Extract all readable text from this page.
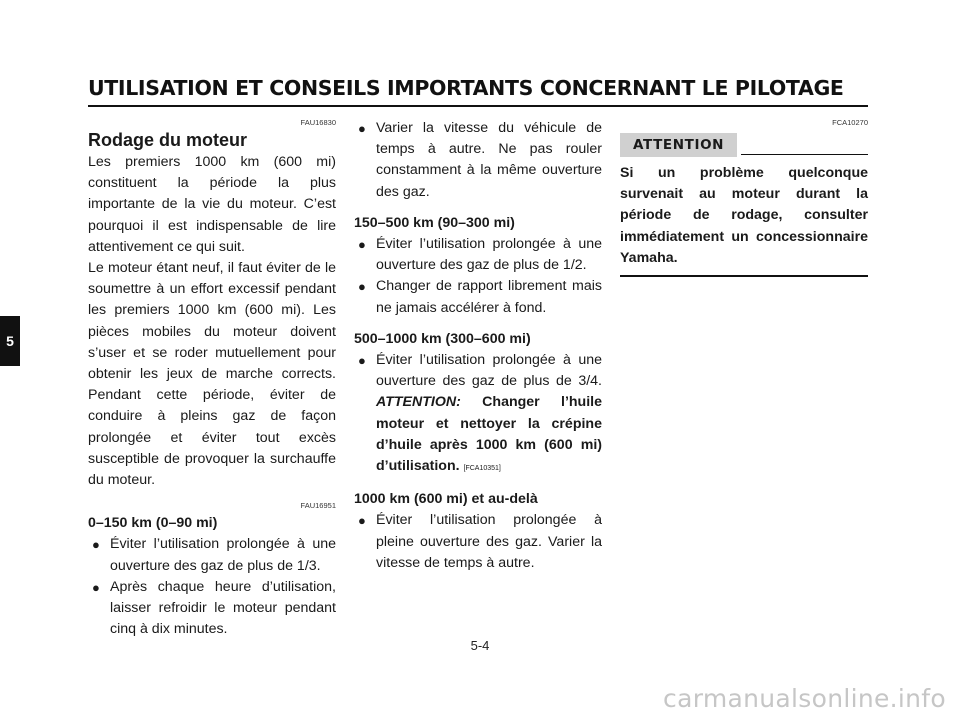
UTILISATION ET CONSEILS IMPORTANTS CONCERNANT LE PILOTAGE
5
FAU16830
Rodage du moteur

Les premiers 1000 km (600 mi) constituent la période la plus importante de la vie du moteur. C’est pourquoi il est indispensable de lire attentivement ce qui suit.

Le moteur étant neuf, il faut éviter de le soumettre à un effort excessif pendant les premiers 1000 km (600 mi). Les pièces mobiles du moteur doivent s’user et se roder mutuellement pour obtenir les jeux de marche corrects. Pendant cette période, éviter de conduire à pleins gaz de façon prolongée et éviter tout excès susceptible de provoquer la surchauffe du moteur.

FAU16951
0–150 km (0–90 mi)
● Éviter l’utilisation prolongée à une ouverture des gaz de plus de 1/3.
● Après chaque heure d’utilisation, laisser refroidir le moteur pendant cinq à dix minutes.
● Varier la vitesse du véhicule de temps à autre. Ne pas rouler constamment à la même ouverture des gaz.
150–500 km (90–300 mi)
● Éviter l’utilisation prolongée à une ouverture des gaz de plus de 1/2.
● Changer de rapport librement mais ne jamais accélérer à fond.
500–1000 km (300–600 mi)
● Éviter l’utilisation prolongée à une ouverture des gaz de plus de 3/4. ATTENTION: Changer l’huile moteur et nettoyer la crépine d’huile après 1000 km (600 mi) d’utilisation. [FCA10351]
1000 km (600 mi) et au-delà
● Éviter l’utilisation prolongée à pleine ouverture des gaz. Varier la vitesse de temps à autre.
FCA10270
ATTENTION
Si un problème quelconque survenait au moteur durant la période de rodage, consulter immédiatement un concessionnaire Yamaha.
5-4
carmanualsonline.info
